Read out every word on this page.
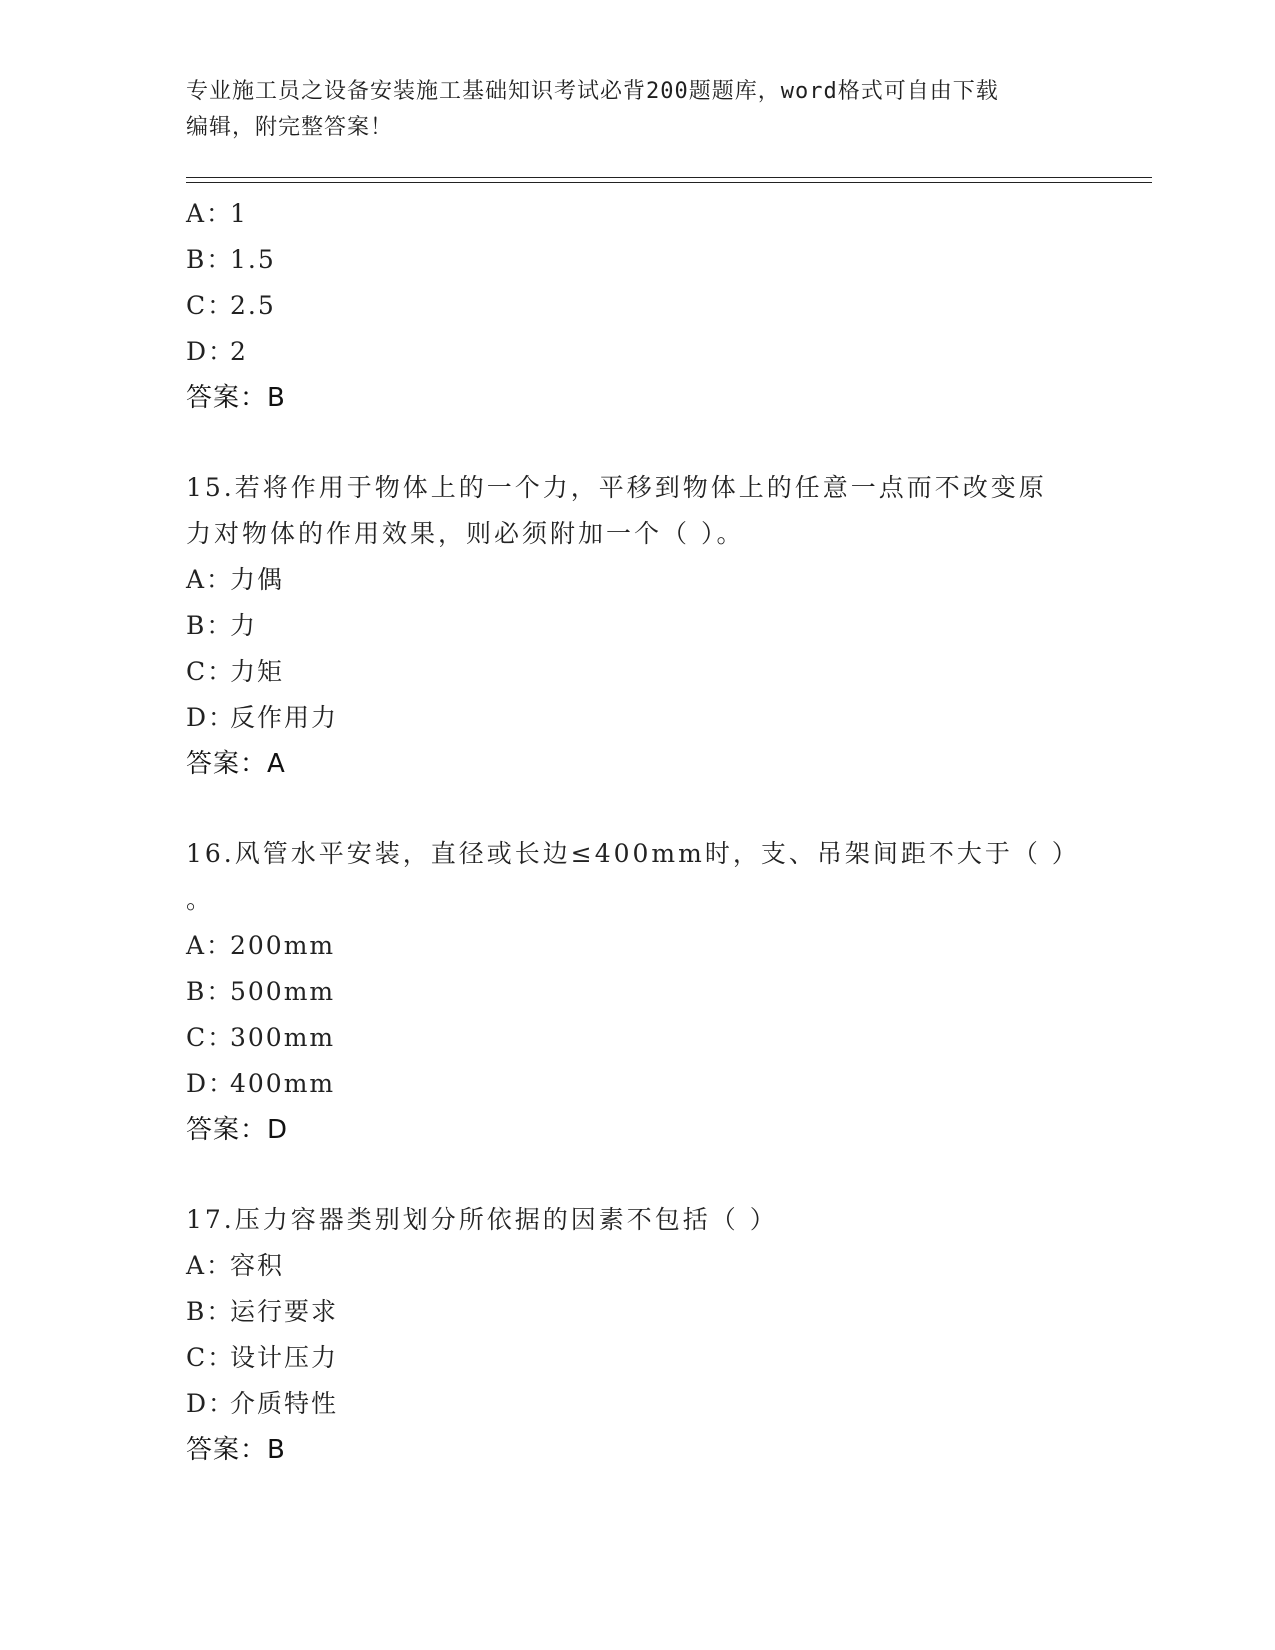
专业施工员之设备安装施工基础知识考试必背200题题库，word格式可自由下载
编辑，附完整答案！
A：1
B：1.5
C：2.5
D：2
答案：B
15.若将作用于物体上的一个力，平移到物体上的任意一点而不改变原
力对物体的作用效果，则必须附加一个（ ）。
A：力偶
B：力
C：力矩
D：反作用力
答案：A
16.风管水平安装，直径或长边≤400mm时，支、吊架间距不大于（ ）
。
A：200mm
B：500mm
C：300mm
D：400mm
答案：D
17.压力容器类别划分所依据的因素不包括（ ）
A：容积
B：运行要求
C：设计压力
D：介质特性
答案：B
